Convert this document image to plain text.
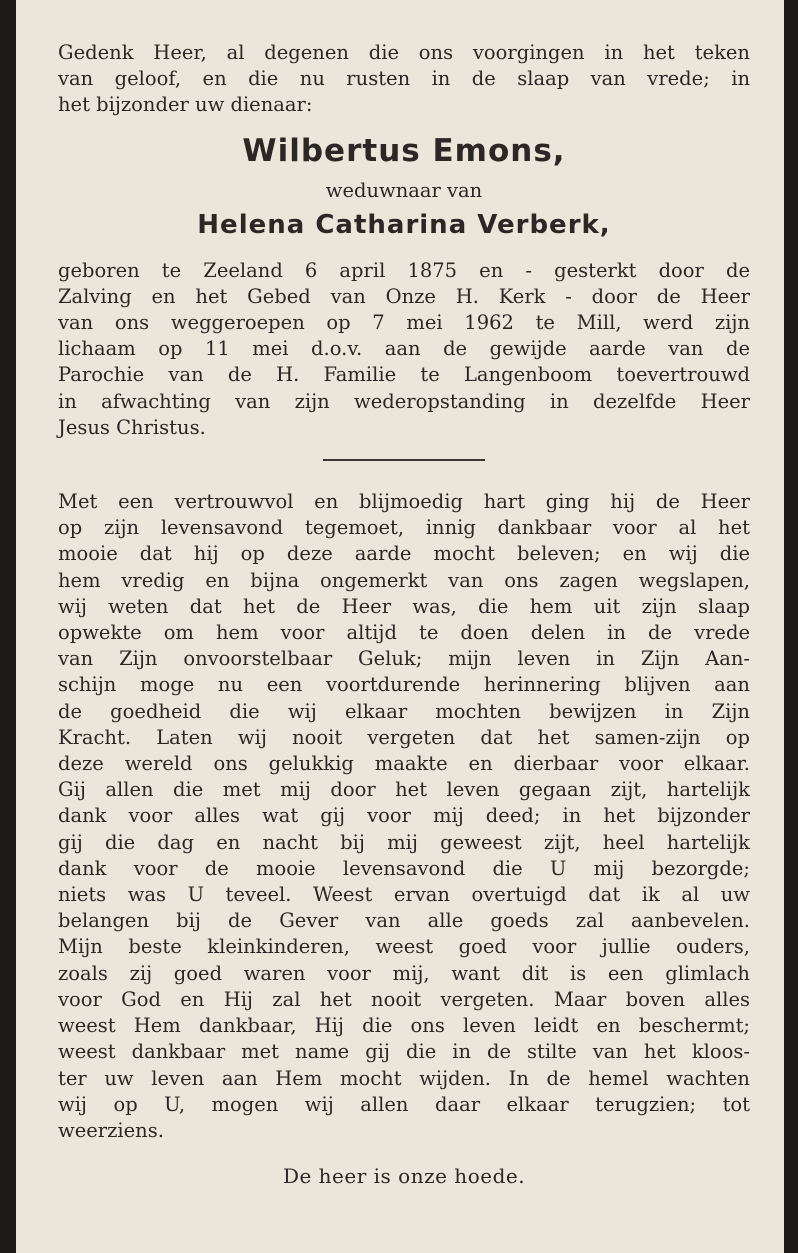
Gedenk Heer, al degenen die ons voorgingen in het teken
van geloof, en die nu rusten in de slaap van vrede; in
het bijzonder uw dienaar:

Wilbertus Emons,
weduwnaar van
Helena Catharina Verberk,

geboren te Zeeland 6 april 1875 en - gesterkt door de
Zalving en het Gebed van Onze H. Kerk - door de Heer
van ons weggeroepen op 7 mei 1962 te Mill, werd zijn
lichaam op 11 mei d.o.v. aan de gewijde aarde van de
Parochie van de H. Familie te Langenboom toevertrouwd
in afwachting van zijn wederopstanding in dezelfde Heer
Jesus Christus.

Met een vertrouwvol en blijmoedig hart ging hij de Heer
op zijn levensavond tegemoet, innig dankbaar voor al het
mooie dat hij op deze aarde mocht beleven; en wij die
hem vredig en bijna ongemerkt van ons zagen wegslapen,
wij weten dat het de Heer was, die hem uit zijn slaap
opwekte om hem voor altijd te doen delen in de vrede
van Zijn onvoorstelbaar Geluk; mijn leven in Zijn Aan-
schijn moge nu een voortdurende herinnering blijven aan
de goedheid die wij elkaar mochten bewijzen in Zijn
Kracht. Laten wij nooit vergeten dat het samen-zijn op
deze wereld ons gelukkig maakte en dierbaar voor elkaar.
Gij allen die met mij door het leven gegaan zijt, hartelijk
dank voor alles wat gij voor mij deed; in het bijzonder
gij die dag en nacht bij mij geweest zijt, heel hartelijk
dank voor de mooie levensavond die U mij bezorgde;
niets was U teveel. Weest ervan overtuigd dat ik al uw
belangen bij de Gever van alle goeds zal aanbevelen.
Mijn beste kleinkinderen, weest goed voor jullie ouders,
zoals zij goed waren voor mij, want dit is een glimlach
voor God en Hij zal het nooit vergeten. Maar boven alles
weest Hem dankbaar, Hij die ons leven leidt en beschermt;
weest dankbaar met name gij die in de stilte van het kloos-
ter uw leven aan Hem mocht wijden. In de hemel wachten
wij op U, mogen wij allen daar elkaar terugzien; tot
weerziens.

De heer is onze hoede.
